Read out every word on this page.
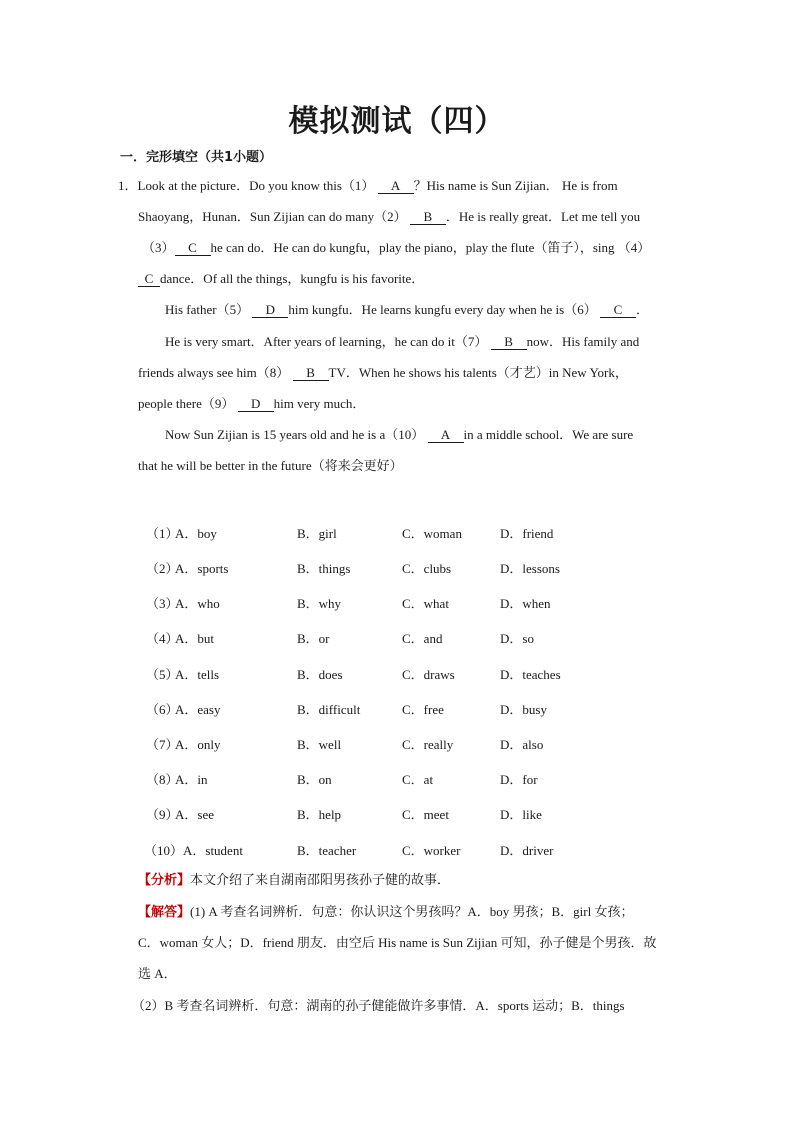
模拟测试（四）
一．完形填空（共1小题）
1．Look at the picture．Do you know this（1） A ？His name is Sun Zijian． He is from
Shaoyang，Hunan．Sun Zijian can do many（2） B ．He is really great．Let me tell you
（3） C he can do．He can do kungfu，play the piano，play the flute（笛子），sing （4）
C dance．Of all the things，kungfu is his favorite．
His father（5） D him kungfu．He learns kungfu every day when he is（6） C ．
He is very smart．After years of learning，he can do it（7） B now．His family and
friends always see him（8） B TV．When he shows his talents（才艺）in New York，
people there（9） D him very much．
Now Sun Zijian is 15 years old and he is a（10） A in a middle school．We are sure
that he will be better in the future（将来会更好）
（1）
A．boy	B．girl	C．woman	D．friend
（2）
A．sports	B．things	C．clubs	D．lessons
（3）
A．who	B．why	C．what	D．when
（4）
A．but	B．or	C．and	D．so
（5）
A．tells	B．does	C．draws	D．teaches
（6）
A．easy	B．difficult	C．free	D．busy
（7）
A．only	B．well	C．really	D．also
（8）
A．in	B．on	C．at	D．for
（9）
A．see	B．help	C．meet	D．like
（10） A．student	B．teacher	C．worker	D．driver
【分析】本文介绍了来自湖南邵阳男孩孙子健的故事．
【解答】(1) A 考查名词辨析．句意：你认识这个男孩吗？A．boy 男孩；B．girl 女孩；
C．woman 女人；D．friend 朋友．由空后 His name is Sun Zijian 可知，孙子健是个男孩．故
选 A．
（2）B 考查名词辨析．句意：湖南的孙子健能做许多事情．A．sports 运动；B．things
